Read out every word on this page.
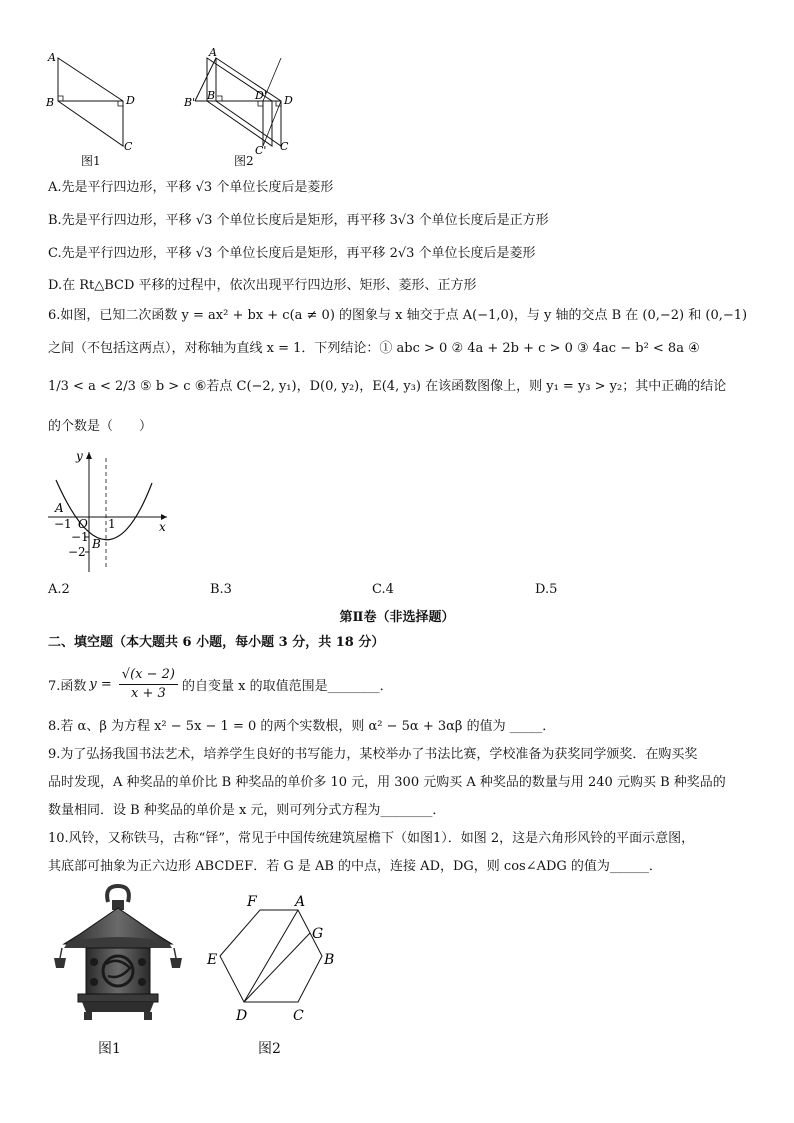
A
B	D
C
图1
A
B'
B	D' D
C' C
图2
A.先是平行四边形，平移 √3 个单位长度后是菱形
B.先是平行四边形，平移 √3 个单位长度后是矩形，再平移 3√3 个单位长度后是正方形
C.先是平行四边形，平移 √3 个单位长度后是矩形，再平移 2√3 个单位长度后是菱形
D.在 Rt△BCD 平移的过程中，依次出现平行四边形、矩形、菱形、正方形
6.如图，已知二次函数 y = ax² + bx + c(a ≠ 0) 的图象与 x 轴交于点 A(−1,0)，与 y 轴的交点 B 在 (0,−2) 和 (0,−1)
之间（不包括这两点），对称轴为直线 x = 1．下列结论：① abc > 0 ② 4a + 2b + c > 0 ③ 4ac − b² < 8a ④
1/3 < a < 2/3 ⑤ b > c ⑥若点 C(−2, y₁)，D(0, y₂)，E(4, y₃) 在该函数图像上，则 y₁ = y₃ > y₂；其中正确的结论
的个数是（　　）
y
x
O
A
−1	1
−1
−2
B
A.2	B.3	C.4	D.5
第Ⅱ卷（非选择题）
二、填空题（本大题共 6 小题，每小题 3 分，共 18 分）
7.函数 $y = \frac{√(x - 2)}{x + 3}$ 的自变量 x 的取值范围是________．
8.若 α、β 为方程 x² − 5x − 1 = 0 的两个实数根，则 α² − 5α + 3αβ 的值为 _____．
9.为了弘扬我国书法艺术，培养学生良好的书写能力，某校举办了书法比赛，学校准备为获奖同学颁奖．在购买奖
品时发现，A 种奖品的单价比 B 种奖品的单价多 10 元，用 300 元购买 A 种奖品的数量与用 240 元购买 B 种奖品的
数量相同．设 B 种奖品的单价是 x 元，则可列分式方程为________．
10.风铃，又称铁马，古称“铎”，常见于中国传统建筑屋檐下（如图1）．如图 2，这是六角形风铃的平面示意图，
其底部可抽象为正六边形 ABCDEF．若 G 是 AB 的中点，连接 AD，DG，则 cos∠ADG 的值为______．
图1
F	A
G
B
E
D	C
图2
